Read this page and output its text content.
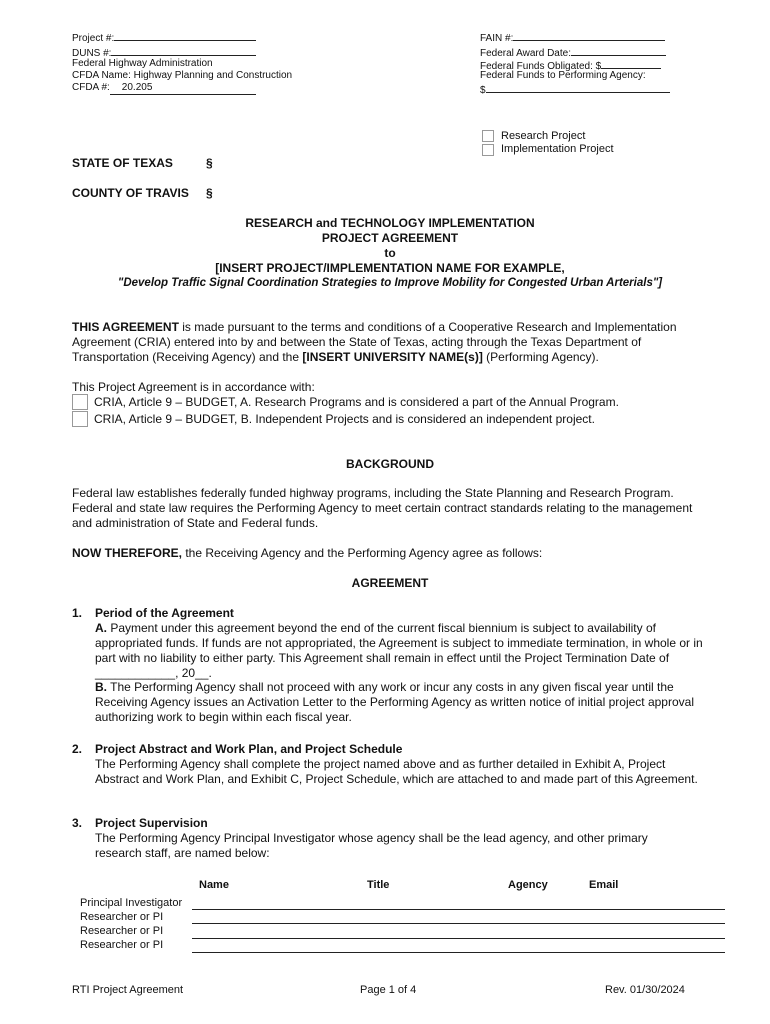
Project #:
DUNS #:
Federal Highway Administration
CFDA Name: Highway Planning and Construction
CFDA #: 20.205
FAIN #:
Federal Award Date:
Federal Funds Obligated: $
Federal Funds to Performing Agency:
$
Research Project
Implementation Project
STATE OF TEXAS	§
COUNTY OF TRAVIS §
RESEARCH and TECHNOLOGY IMPLEMENTATION
PROJECT AGREEMENT
to
[INSERT PROJECT/IMPLEMENTATION NAME FOR EXAMPLE,
"Develop Traffic Signal Coordination Strategies to Improve Mobility for Congested Urban Arterials"]
THIS AGREEMENT is made pursuant to the terms and conditions of a Cooperative Research and Implementation Agreement (CRIA) entered into by and between the State of Texas, acting through the Texas Department of Transportation (Receiving Agency) and the [INSERT UNIVERSITY NAME(s)] (Performing Agency).
This Project Agreement is in accordance with:
CRIA, Article 9 – BUDGET, A. Research Programs and is considered a part of the Annual Program.
CRIA, Article 9 – BUDGET, B. Independent Projects and is considered an independent project.
BACKGROUND
Federal law establishes federally funded highway programs, including the State Planning and Research Program. Federal and state law requires the Performing Agency to meet certain contract standards relating to the management and administration of State and Federal funds.
NOW THEREFORE, the Receiving Agency and the Performing Agency agree as follows:
AGREEMENT
1. Period of the Agreement
A. Payment under this agreement beyond the end of the current fiscal biennium is subject to availability of appropriated funds. If funds are not appropriated, the Agreement is subject to immediate termination, in whole or in part with no liability to either party. This Agreement shall remain in effect until the Project Termination Date of ____________, 20__.
B. The Performing Agency shall not proceed with any work or incur any costs in any given fiscal year until the Receiving Agency issues an Activation Letter to the Performing Agency as written notice of initial project approval authorizing work to begin within each fiscal year.
2. Project Abstract and Work Plan, and Project Schedule
The Performing Agency shall complete the project named above and as further detailed in Exhibit A, Project Abstract and Work Plan, and Exhibit C, Project Schedule, which are attached to and made part of this Agreement.
3. Project Supervision
The Performing Agency Principal Investigator whose agency shall be the lead agency, and other primary research staff, are named below:
Name	Title	Agency	Email
Principal Investigator
Researcher or PI
Researcher or PI
Researcher or PI
RTI Project Agreement	Page 1 of 4	Rev. 01/30/2024
